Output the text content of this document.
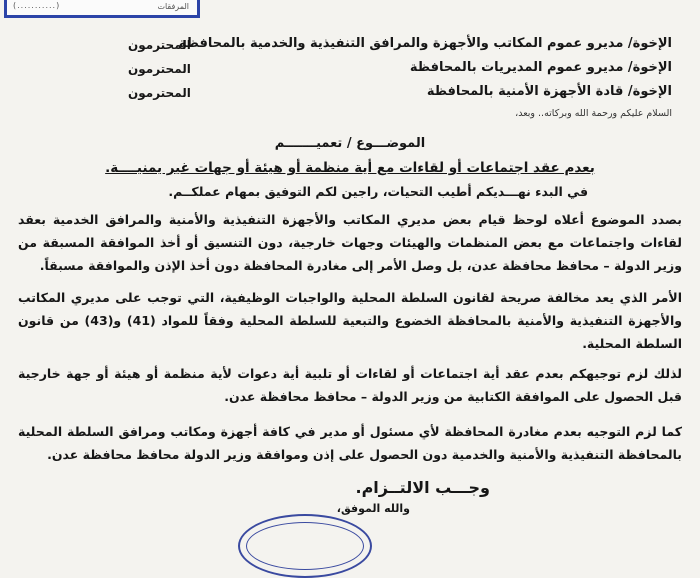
المرفقات
(...........)
الإخوة/ مديرو عموم المكاتب والأجهزة والمرافق التنفيذية والخدمية بالمحافظة
المحترمون
الإخوة/ مديرو عموم المديريات بالمحافظة
المحترمون
الإخوة/ قادة الأجهزة الأمنية بالمحافظة
المحترمون
السلام عليكم ورحمة الله وبركاته.. وبعد،
الموضـــوع / تعميـــــــم
بعدم عقد اجتماعات أو لقاءات مع أية منظمة أو هيئة أو جهات غير يمنيــــة.
في البدء نهـــديكم أطيب التحيات، راجين لكم التوفيق بمهام عملكــم.
بصدد الموضوع أعلاه لوحظ قيام بعض مديري المكاتب والأجهزة التنفيذية والأمنية والمرافق الخدمية بعقد لقاءات واجتماعات مع بعض المنظمات والهيئات وجهات خارجية، دون التنسيق أو أخذ الموافقة المسبقة من وزير الدولة – محافظ محافظة عدن، بل وصل الأمر إلى مغادرة المحافظة دون أخذ الإذن والموافقة مسبقاً.
الأمر الذي يعد مخالفة صريحة لقانون السلطة المحلية والواجبات الوظيفية، التي توجب على مديري المكاتب والأجهزة التنفيذية والأمنية بالمحافظة الخضوع والتبعية للسلطة المحلية وفقاً للمواد (41) و(43) من قانون السلطة المحلية.
لذلك لزم توجيهكم بعدم عقد أية اجتماعات أو لقاءات أو تلبية أية دعوات لأية منظمة أو هيئة أو جهة خارجية قبل الحصول على الموافقة الكتابية من وزير الدولة – محافظ محافظة عدن.
كما لزم التوجيه بعدم مغادرة المحافظة لأي مسئول أو مدير في كافة أجهزة ومكاتب ومرافق السلطة المحلية بالمحافظة التنفيذية والأمنية والخدمية دون الحصول على إذن وموافقة وزير الدولة محافظ محافظة عدن.
وجـــب الالتــزام.
والله الموفق،
